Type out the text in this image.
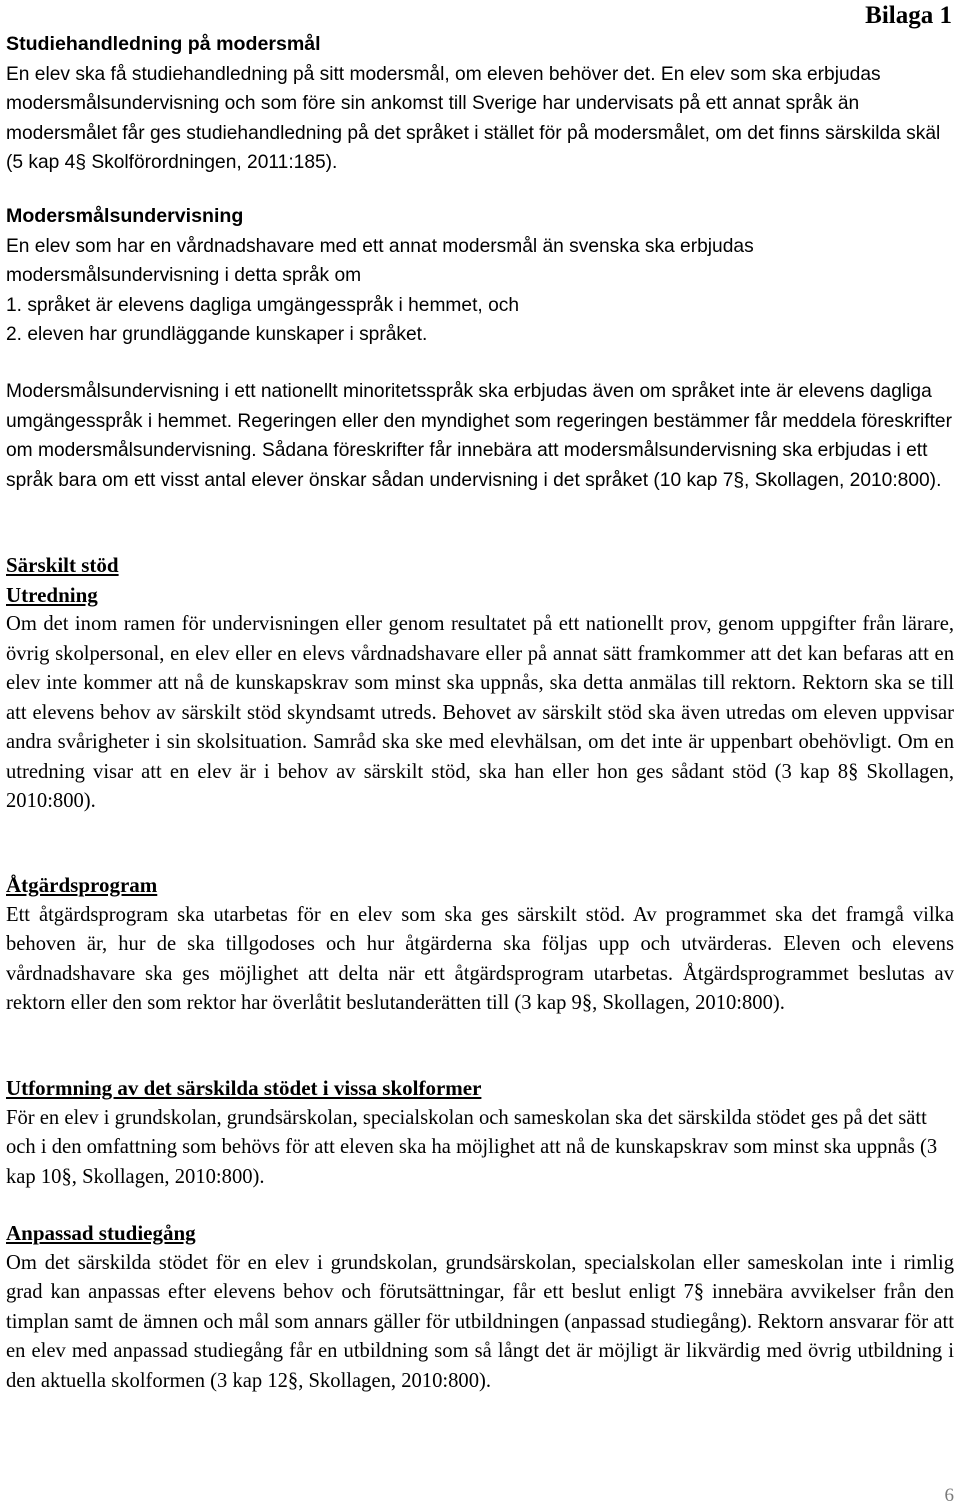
Bilaga 1
Studiehandledning på modersmål

En elev ska få studiehandledning på sitt modersmål, om eleven behöver det. En elev som ska erbjudas modersmålsundervisning och som före sin ankomst till Sverige har undervisats på ett annat språk än modersmålet får ges studiehandledning på det språket i stället för på modersmålet, om det finns särskilda skäl (5 kap 4§ Skolförordningen, 2011:185).

Modersmålsundervisning

En elev som har en vårdnadshavare med ett annat modersmål än svenska ska erbjudas modersmålsundervisning i detta språk om

1. språket är elevens dagliga umgängesspråk i hemmet, och

2. eleven har grundläggande kunskaper i språket.

Modersmålsundervisning i ett nationellt minoritetsspråk ska erbjudas även om språket inte är elevens dagliga umgängesspråk i hemmet. Regeringen eller den myndighet som regeringen bestämmer får meddela föreskrifter om modersmålsundervisning. Sådana föreskrifter får innebära att modersmålsundervisning ska erbjudas i ett språk bara om ett visst antal elever önskar sådan undervisning i det språket (10 kap 7§, Skollagen, 2010:800).

Särskilt stöd
Utredning

Om det inom ramen för undervisningen eller genom resultatet på ett nationellt prov, genom uppgifter från lärare, övrig skolpersonal, en elev eller en elevs vårdnadshavare eller på annat sätt framkommer att det kan befaras att en elev inte kommer att nå de kunskapskrav som minst ska uppnås, ska detta anmälas till rektorn. Rektorn ska se till att elevens behov av särskilt stöd skyndsamt utreds. Behovet av särskilt stöd ska även utredas om eleven uppvisar andra svårigheter i sin skolsituation. Samråd ska ske med elevhälsan, om det inte är uppenbart obehövligt. Om en utredning visar att en elev är i behov av särskilt stöd, ska han eller hon ges sådant stöd (3 kap 8§ Skollagen, 2010:800).

Åtgärdsprogram

Ett åtgärdsprogram ska utarbetas för en elev som ska ges särskilt stöd. Av programmet ska det framgå vilka behoven är, hur de ska tillgodoses och hur åtgärderna ska följas upp och utvärderas. Eleven och elevens vårdnadshavare ska ges möjlighet att delta när ett åtgärdsprogram utarbetas. Åtgärdsprogrammet beslutas av rektorn eller den som rektor har överlåtit beslutanderätten till (3 kap 9§, Skollagen, 2010:800).

Utformning av det särskilda stödet i vissa skolformer

För en elev i grundskolan, grundsärskolan, specialskolan och sameskolan ska det särskilda stödet ges på det sätt och i den omfattning som behövs för att eleven ska ha möjlighet att nå de kunskapskrav som minst ska uppnås (3 kap 10§, Skollagen, 2010:800).

Anpassad studiegång

Om det särskilda stödet för en elev i grundskolan, grundsärskolan, specialskolan eller sameskolan inte i rimlig grad kan anpassas efter elevens behov och förutsättningar, får ett beslut enligt 7§ innebära avvikelser från den timplan samt de ämnen och mål som annars gäller för utbildningen (anpassad studiegång). Rektorn ansvarar för att en elev med anpassad studiegång får en utbildning som så långt det är möjligt är likvärdig med övrig utbildning i den aktuella skolformen (3 kap 12§, Skollagen, 2010:800).

6
